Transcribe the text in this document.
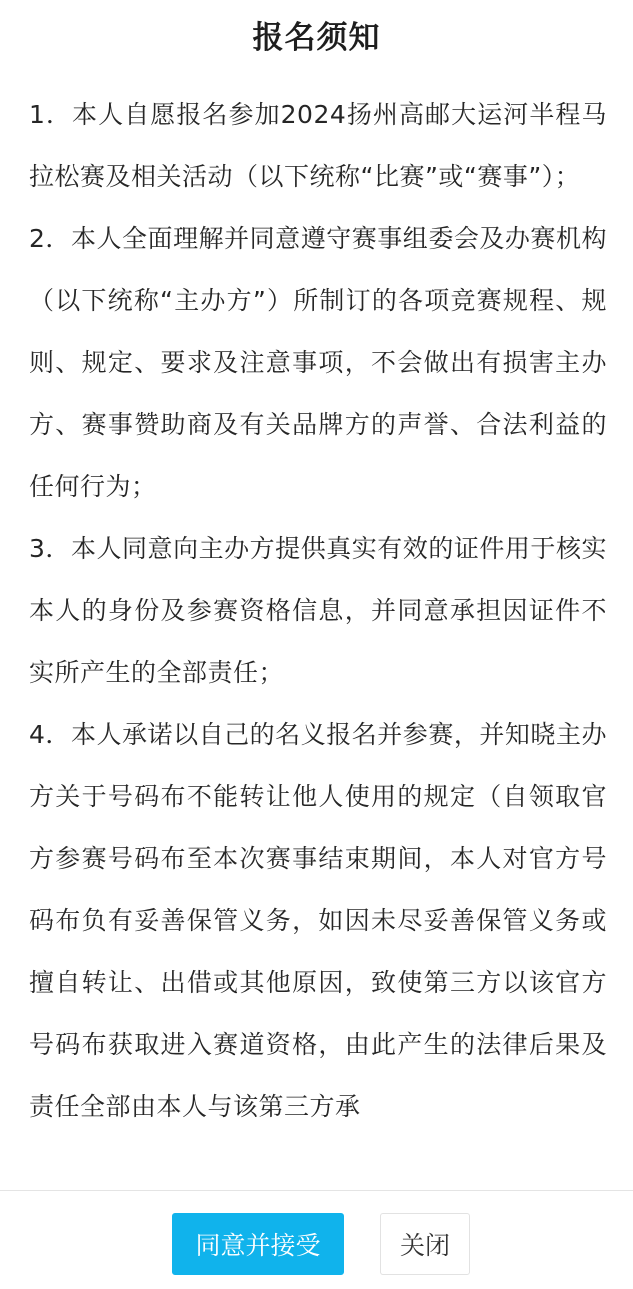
报名须知

1．本人自愿报名参加2024扬州高邮大运河半程马拉松赛及相关活动（以下统称“比赛”或“赛事”）；

2．本人全面理解并同意遵守赛事组委会及办赛机构（以下统称“主办方”）所制订的各项竞赛规程、规则、规定、要求及注意事项，不会做出有损害主办方、赛事赞助商及有关品牌方的声誉、合法利益的任何行为；

3．本人同意向主办方提供真实有效的证件用于核实本人的身份及参赛资格信息，并同意承担因证件不实所产生的全部责任；

4．本人承诺以自己的名义报名并参赛，并知晓主办方关于号码布不能转让他人使用的规定（自领取官方参赛号码布至本次赛事结束期间，本人对官方号码布负有妥善保管义务，如因未尽妥善保管义务或擅自转让、出借或其他原因，致使第三方以该官方号码布获取进入赛道资格，由此产生的法律后果及责任全部由本人与该第三方承

同意并接受	关闭
